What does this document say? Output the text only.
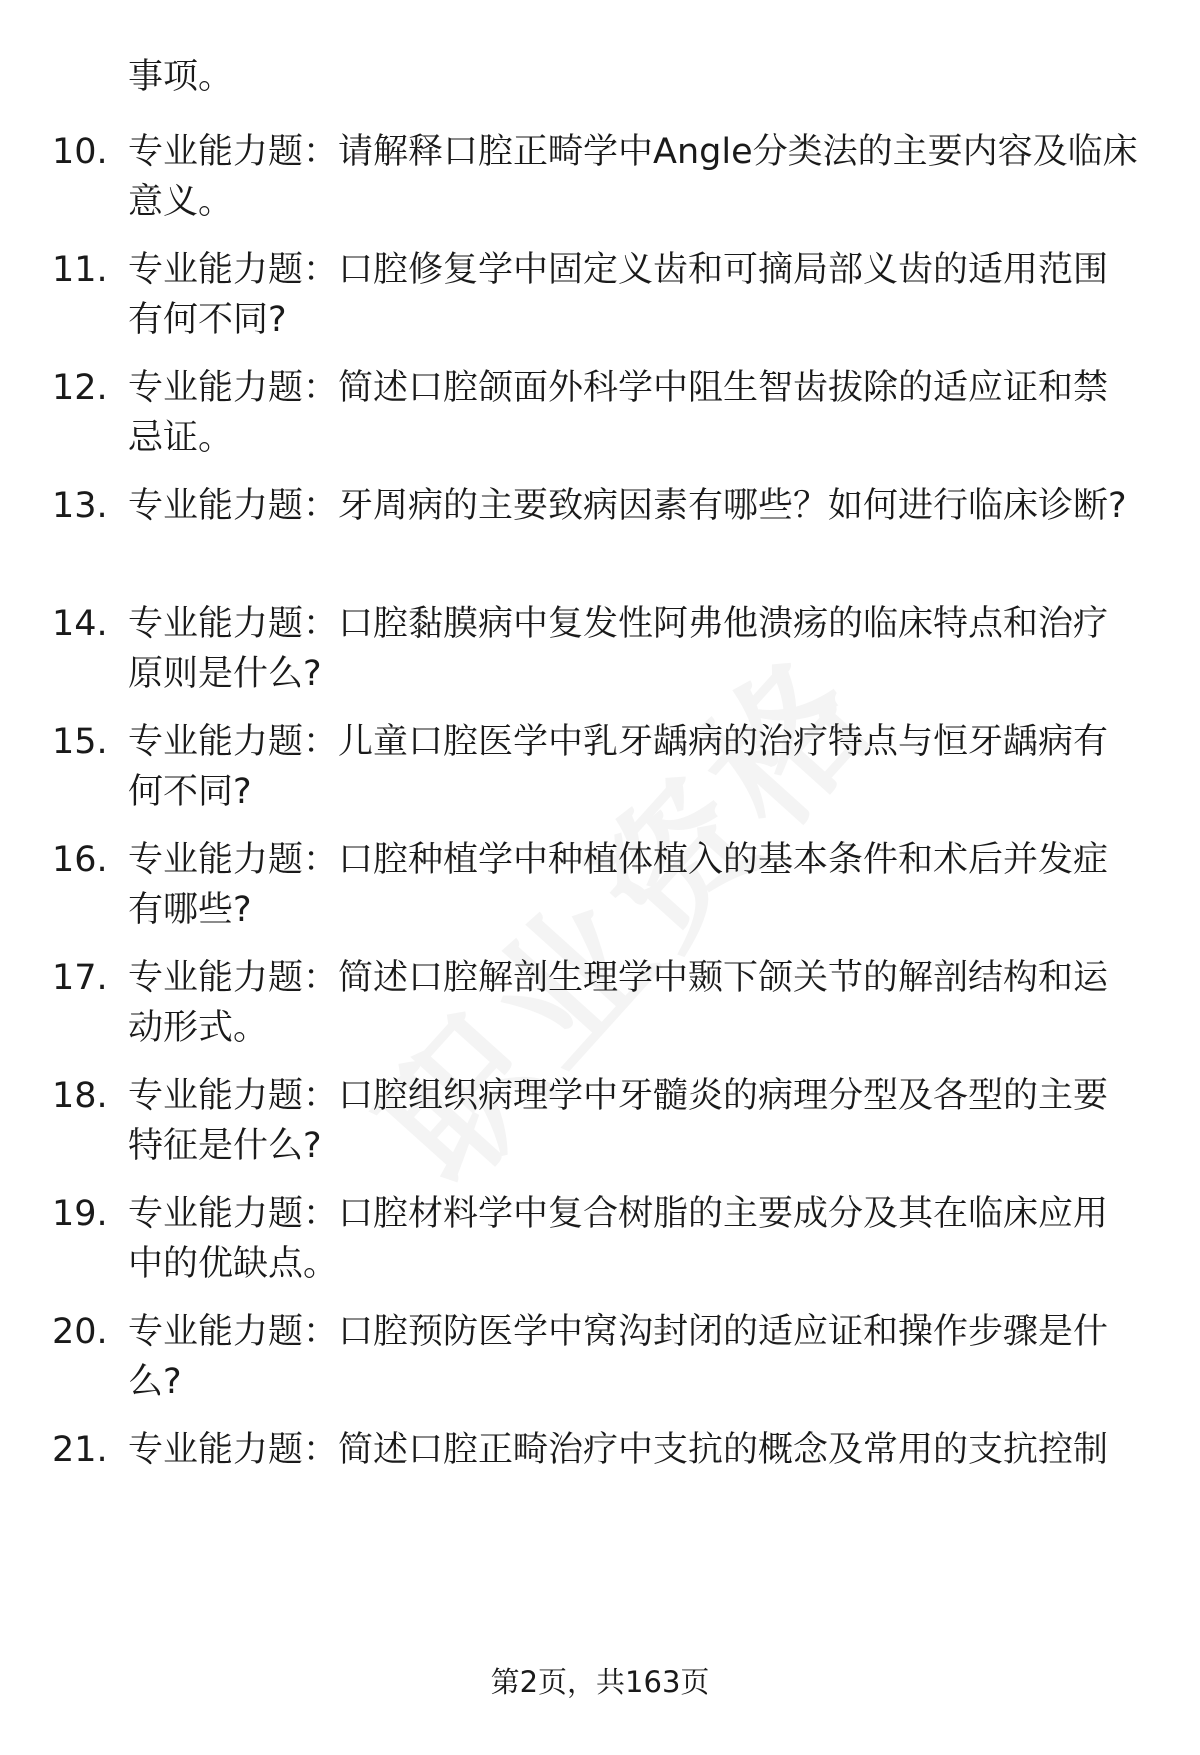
事项。
10. 专业能力题：请解释口腔正畸学中Angle分类法的主要内容及临床意义。
11. 专业能力题：口腔修复学中固定义齿和可摘局部义齿的适用范围有何不同?
12. 专业能力题：简述口腔颌面外科学中阻生智齿拔除的适应证和禁忌证。
13. 专业能力题：牙周病的主要致病因素有哪些？如何进行临床诊断?
14. 专业能力题：口腔黏膜病中复发性阿弗他溃疡的临床特点和治疗原则是什么?
15. 专业能力题：儿童口腔医学中乳牙龋病的治疗特点与恒牙龋病有何不同?
16. 专业能力题：口腔种植学中种植体植入的基本条件和术后并发症有哪些?
17. 专业能力题：简述口腔解剖生理学中颞下颌关节的解剖结构和运动形式。
18. 专业能力题：口腔组织病理学中牙髓炎的病理分型及各型的主要特征是什么?
19. 专业能力题：口腔材料学中复合树脂的主要成分及其在临床应用中的优缺点。
20. 专业能力题：口腔预防医学中窝沟封闭的适应证和操作步骤是什么?
21. 专业能力题：简述口腔正畸治疗中支抗的概念及常用的支抗控制
第2页，共163页
